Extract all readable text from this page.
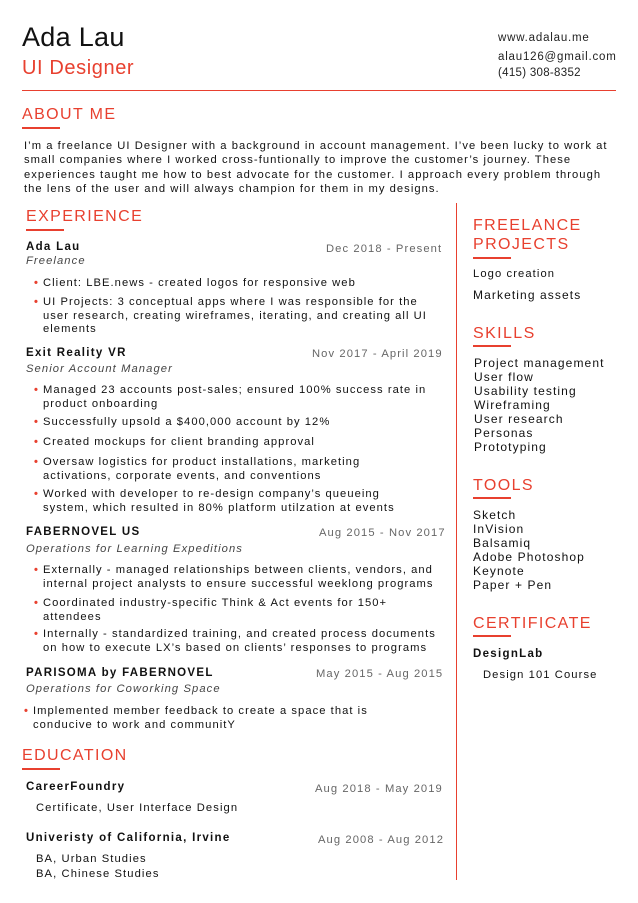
Ada Lau
UI Designer
www.adalau.me
alau126@gmail.com
(415) 308-8352
ABOUT ME
I’m a freelance UI Designer with a background in account management. I’ve been lucky to work at small companies where I worked cross-funtionally to improve the customer’s journey. These experiences taught me how to best advocate for the customer. I approach every problem through the lens of the user and will always champion for them in my designs.
EXPERIENCE
Ada Lau	Dec 2018 - Present
Freelance
• Client: LBE.news - created logos for responsive web
• UI Projects: 3 conceptual apps where I was responsible for the user research, creating wireframes, iterating, and creating all UI elements
Exit Reality VR	Nov 2017 - April 2019
Senior Account Manager
• Managed 23 accounts post-sales; ensured 100% success rate in product onboarding
• Successfully upsold a $400,000 account by 12%
• Created mockups for client branding approval
• Oversaw logistics for product installations, marketing activations, corporate events, and conventions
• Worked with developer to re-design company’s queueing system, which resulted in 80% platform utilzation at events
FABERNOVEL US	Aug 2015 - Nov 2017
Operations for Learning Expeditions
• Externally - managed relationships between clients, vendors, and internal project analysts to ensure successful weeklong programs
• Coordinated industry-specific Think & Act events for 150+ attendees
• Internally - standardized training, and created process documents on how to execute LX’s based on clients’ responses to programs
PARISOMA by FABERNOVEL	May 2015 - Aug 2015
Operations for Coworking Space
• Implemented member feedback to create a space that is conducive to work and communitY
EDUCATION
CareerFoundry	Aug 2018 - May 2019
Certificate, User Interface Design
Univeristy of California, Irvine	Aug 2008 - Aug 2012
BA, Urban Studies
BA, Chinese Studies
FREELANCE
PROJECTS
Logo creation
Marketing assets
SKILLS
Project management
User flow
Usability testing
Wireframing
User research
Personas
Prototyping
TOOLS
Sketch
InVision
Balsamiq
Adobe Photoshop
Keynote
Paper + Pen
CERTIFICATE
DesignLab
Design 101 Course
